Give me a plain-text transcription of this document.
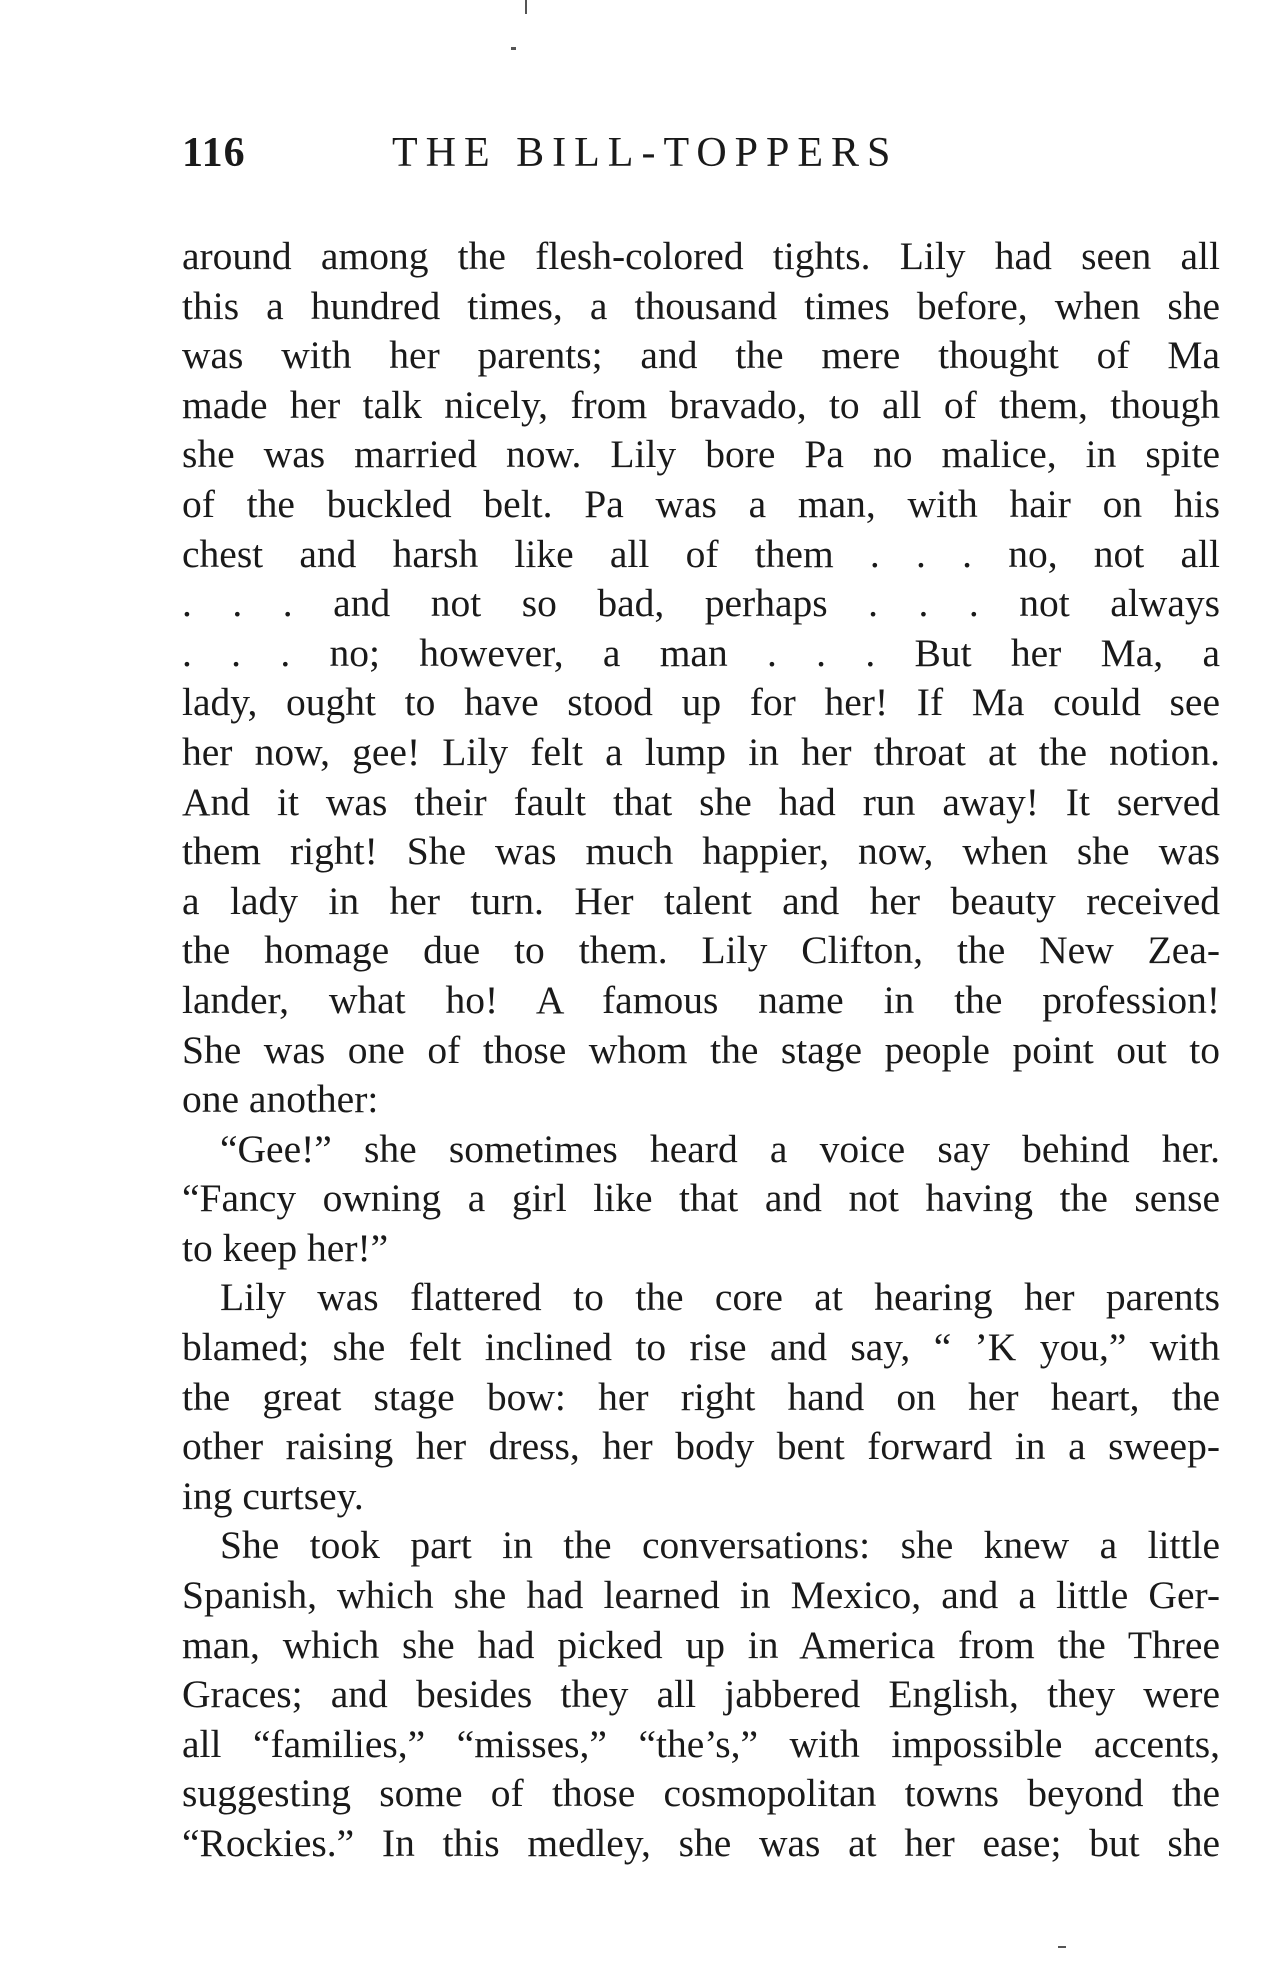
116	THE BILL-TOPPERS
around among the flesh-colored tights. Lily had seen all
this a hundred times, a thousand times before, when she
was with her parents; and the mere thought of Ma
made her talk nicely, from bravado, to all of them, though
she was married now. Lily bore Pa no malice, in spite
of the buckled belt. Pa was a man, with hair on his
chest and harsh like all of them . . . no, not all
. . . and not so bad, perhaps . . . not always
. . . no; however, a man . . . But her Ma, a
lady, ought to have stood up for her! If Ma could see
her now, gee! Lily felt a lump in her throat at the notion.
And it was their fault that she had run away! It served
them right! She was much happier, now, when she was
a lady in her turn. Her talent and her beauty received
the homage due to them. Lily Clifton, the New Zea-
lander, what ho! A famous name in the profession!
She was one of those whom the stage people point out to
one another:
“Gee!” she sometimes heard a voice say behind her.
“Fancy owning a girl like that and not having the sense
to keep her!”
Lily was flattered to the core at hearing her parents
blamed; she felt inclined to rise and say, “ ’K you,” with
the great stage bow: her right hand on her heart, the
other raising her dress, her body bent forward in a sweep-
ing curtsey.
She took part in the conversations: she knew a little
Spanish, which she had learned in Mexico, and a little Ger-
man, which she had picked up in America from the Three
Graces; and besides they all jabbered English, they were
all “families,” “misses,” “the’s,” with impossible accents,
suggesting some of those cosmopolitan towns beyond the
“Rockies.” In this medley, she was at her ease; but she
